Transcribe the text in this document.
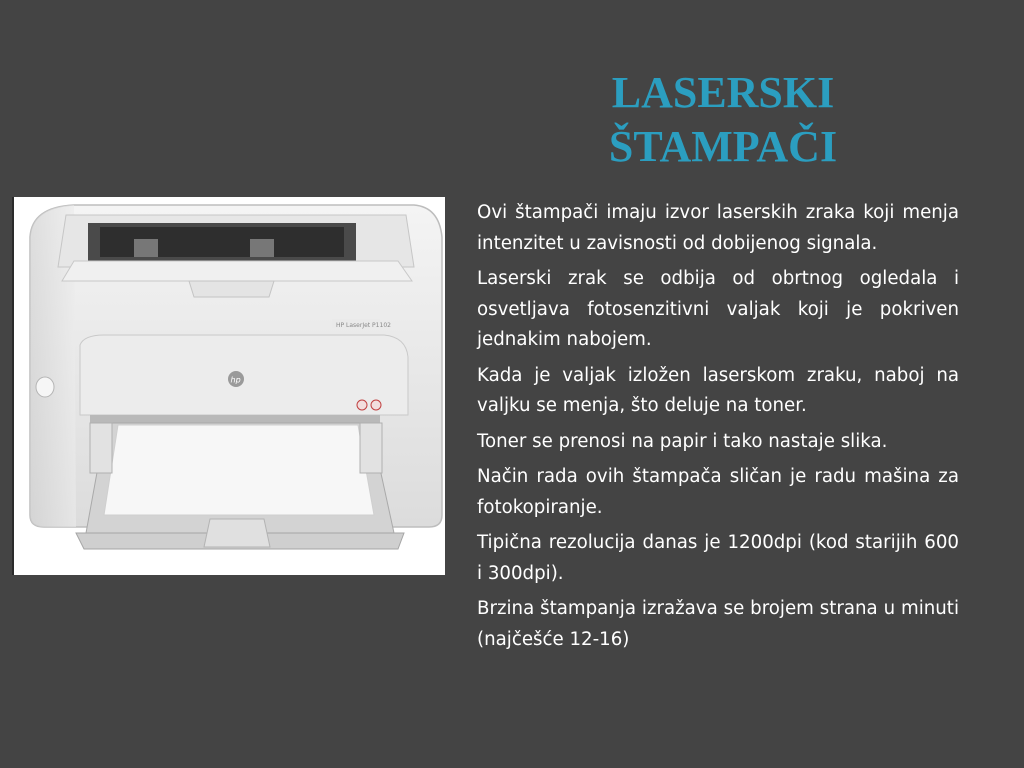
LASERSKI
ŠTAMPAČI
HP LaserJet P1102
hp

Ovi štampači imaju izvor laserskih zraka koji menja intenzitet u zavisnosti od dobijenog signala.

Laserski zrak se odbija od obrtnog ogledala i osvetljava fotosenzitivni valjak koji je pokriven jednakim nabojem.

Kada je valjak izložen laserskom zraku, naboj na valjku se menja, što deluje na toner.

Toner se prenosi na papir i tako nastaje slika.

Način rada ovih štampača sličan je radu mašina za fotokopiranje.

Tipična rezolucija danas je 1200dpi (kod starijih 600 i 300dpi).

Brzina štampanja izražava se brojem strana u minuti (najčešće 12-16)
